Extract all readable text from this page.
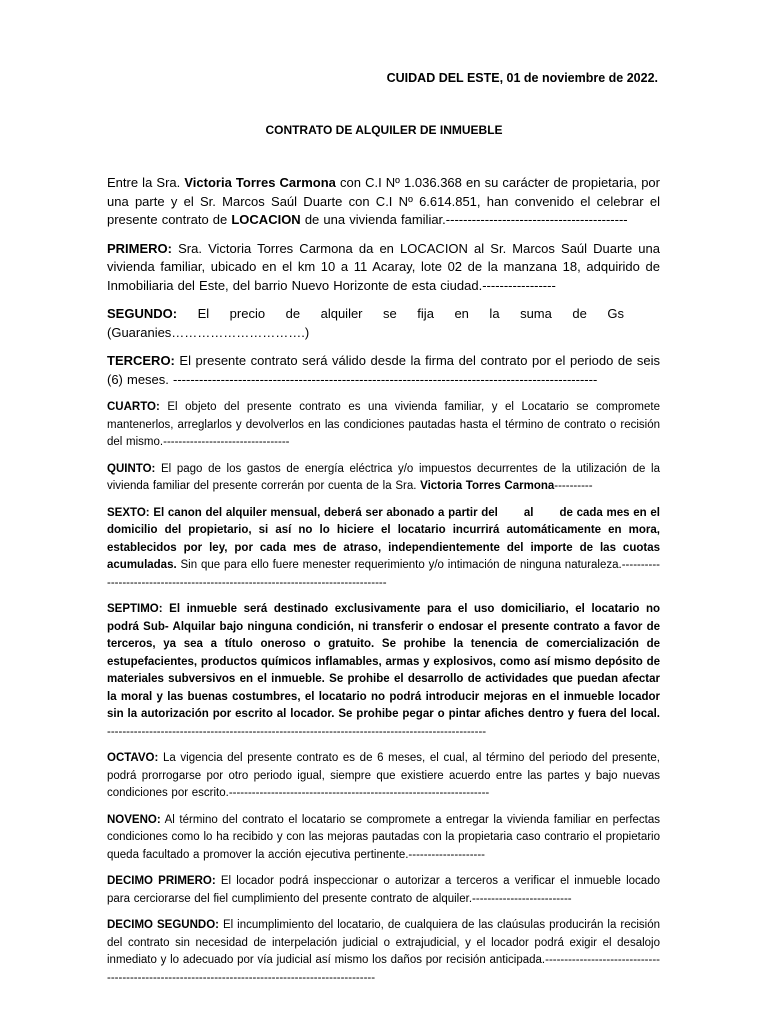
CUIDAD DEL ESTE, 01 de noviembre de 2022.
CONTRATO DE ALQUILER DE INMUEBLE

Entre la Sra. Victoria Torres Carmona con C.I Nº 1.036.368 en su carácter de propietaria, por una parte y el Sr. Marcos Saúl Duarte con C.I Nº 6.614.851, han convenido el celebrar el presente contrato de LOCACION de una vivienda familiar.------------------------------------------

PRIMERO: Sra. Victoria Torres Carmona da en LOCACION al Sr. Marcos Saúl Duarte una vivienda familiar, ubicado en el km 10 a 11 Acaray, lote 02 de la manzana 18, adquirido de Inmobiliaria del Este, del barrio Nuevo Horizonte de esta ciudad.-----------------

SEGUNDO: El precio de alquiler se fija en la suma de Gs(Guaranies………………………….)

TERCERO: El presente contrato será válido desde la firma del contrato por el periodo de seis (6) meses. --------------------------------------------------------------------------------------------------

CUARTO: El objeto del presente contrato es una vivienda familiar, y el Locatario se compromete mantenerlos, arreglarlos y devolverlos en las condiciones pautadas hasta el término de contrato o recisión del mismo.---------------------------------

QUINTO: El pago de los gastos de energía eléctrica y/o impuestos decurrentes de la utilización de la vivienda familiar del presente correrán por cuenta de la Sra. Victoria Torres Carmona----------

SEXTO: El canon del alquiler mensual, deberá ser abonado a partir del al de cada mes en el domicilio del propietario, si así no lo hiciere el locatario incurrirá automáticamente en mora, establecidos por ley, por cada mes de atraso, independientemente del importe de las cuotas acumuladas. Sin que para ello fuere menester requerimiento y/o intimación de ninguna naturaleza.-----------------------------------------------------------------------------------

SEPTIMO: El inmueble será destinado exclusivamente para el uso domiciliario, el locatario no podrá Sub- Alquilar bajo ninguna condición, ni transferir o endosar el presente contrato a favor de terceros, ya sea a título oneroso o gratuito. Se prohibe la tenencia de comercialización de estupefacientes, productos químicos inflamables, armas y explosivos, como así mismo depósito de materiales subversivos en el inmueble. Se prohibe el desarrollo de actividades que puedan afectar la moral y las buenas costumbres, el locatario no podrá introducir mejoras en el inmueble locador sin la autorización por escrito al locador. Se prohibe pegar o pintar afiches dentro y fuera del local. ---------------------------------------------------------------------------------------------------

OCTAVO: La vigencia del presente contrato es de 6 meses, el cual, al término del periodo del presente, podrá prorrogarse por otro periodo igual, siempre que existiere acuerdo entre las partes y bajo nuevas condiciones por escrito.--------------------------------------------------------------------

NOVENO: Al término del contrato el locatario se compromete a entregar la vivienda familiar en perfectas condiciones como lo ha recibido y con las mejoras pautadas con la propietaria caso contrario el propietario queda facultado a promover la acción ejecutiva pertinente.--------------------

DECIMO PRIMERO: El locador podrá inspeccionar o autorizar a terceros a verificar el inmueble locado para cerciorarse del fiel cumplimiento del presente contrato de alquiler.--------------------------

DECIMO SEGUNDO: El incumplimiento del locatario, de cualquiera de las claúsulas producirán la recisión del contrato sin necesidad de interpelación judicial o extrajudicial, y el locador podrá exigir el desalojo inmediato y lo adecuado por vía judicial así mismo los daños por recisión anticipada.----------------------------------------------------------------------------------------------------
